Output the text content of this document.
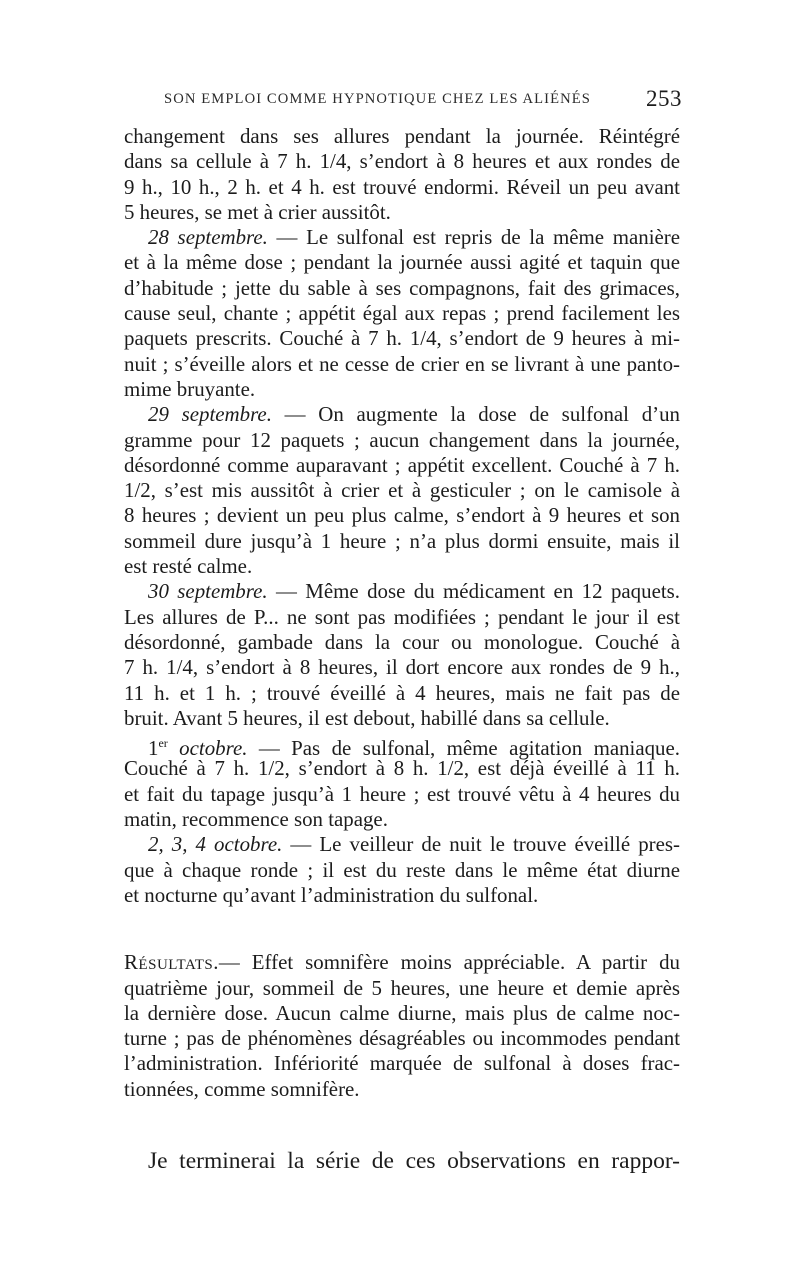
SON EMPLOI COMME HYPNOTIQUE CHEZ LES ALIÉNÉS 253
changement dans ses allures pendant la journée. Réintégré
dans sa cellule à 7 h. 1/4, s’endort à 8 heures et aux rondes de
9 h., 10 h., 2 h. et 4 h. est trouvé endormi. Réveil un peu avant
5 heures, se met à crier aussitôt.
28 septembre. — Le sulfonal est repris de la même manière
et à la même dose ; pendant la journée aussi agité et taquin que
d’habitude ; jette du sable à ses compagnons, fait des grimaces,
cause seul, chante ; appétit égal aux repas ; prend facilement les
paquets prescrits. Couché à 7 h. 1/4, s’endort de 9 heures à mi-
nuit ; s’éveille alors et ne cesse de crier en se livrant à une panto-
mime bruyante.
29 septembre. — On augmente la dose de sulfonal d’un
gramme pour 12 paquets ; aucun changement dans la journée,
désordonné comme auparavant ; appétit excellent. Couché à 7 h.
1/2, s’est mis aussitôt à crier et à gesticuler ; on le camisole à
8 heures ; devient un peu plus calme, s’endort à 9 heures et son
sommeil dure jusqu’à 1 heure ; n’a plus dormi ensuite, mais il
est resté calme.
30 septembre. — Même dose du médicament en 12 paquets.
Les allures de P... ne sont pas modifiées ; pendant le jour il est
désordonné, gambade dans la cour ou monologue. Couché à
7 h. 1/4, s’endort à 8 heures, il dort encore aux rondes de 9 h.,
11 h. et 1 h. ; trouvé éveillé à 4 heures, mais ne fait pas de
bruit. Avant 5 heures, il est debout, habillé dans sa cellule.
1er octobre. — Pas de sulfonal, même agitation maniaque.
Couché à 7 h. 1/2, s’endort à 8 h. 1/2, est déjà éveillé à 11 h.
et fait du tapage jusqu’à 1 heure ; est trouvé vêtu à 4 heures du
matin, recommence son tapage.
2, 3, 4 octobre. — Le veilleur de nuit le trouve éveillé pres-
que à chaque ronde ; il est du reste dans le même état diurne
et nocturne qu’avant l’administration du sulfonal.
Résultats.— Effet somnifère moins appréciable. A partir du
quatrième jour, sommeil de 5 heures, une heure et demie après
la dernière dose. Aucun calme diurne, mais plus de calme noc-
turne ; pas de phénomènes désagréables ou incommodes pendant
l’administration. Infériorité marquée de sulfonal à doses frac-
tionnées, comme somnifère.
Je terminerai la série de ces observations en rappor-
